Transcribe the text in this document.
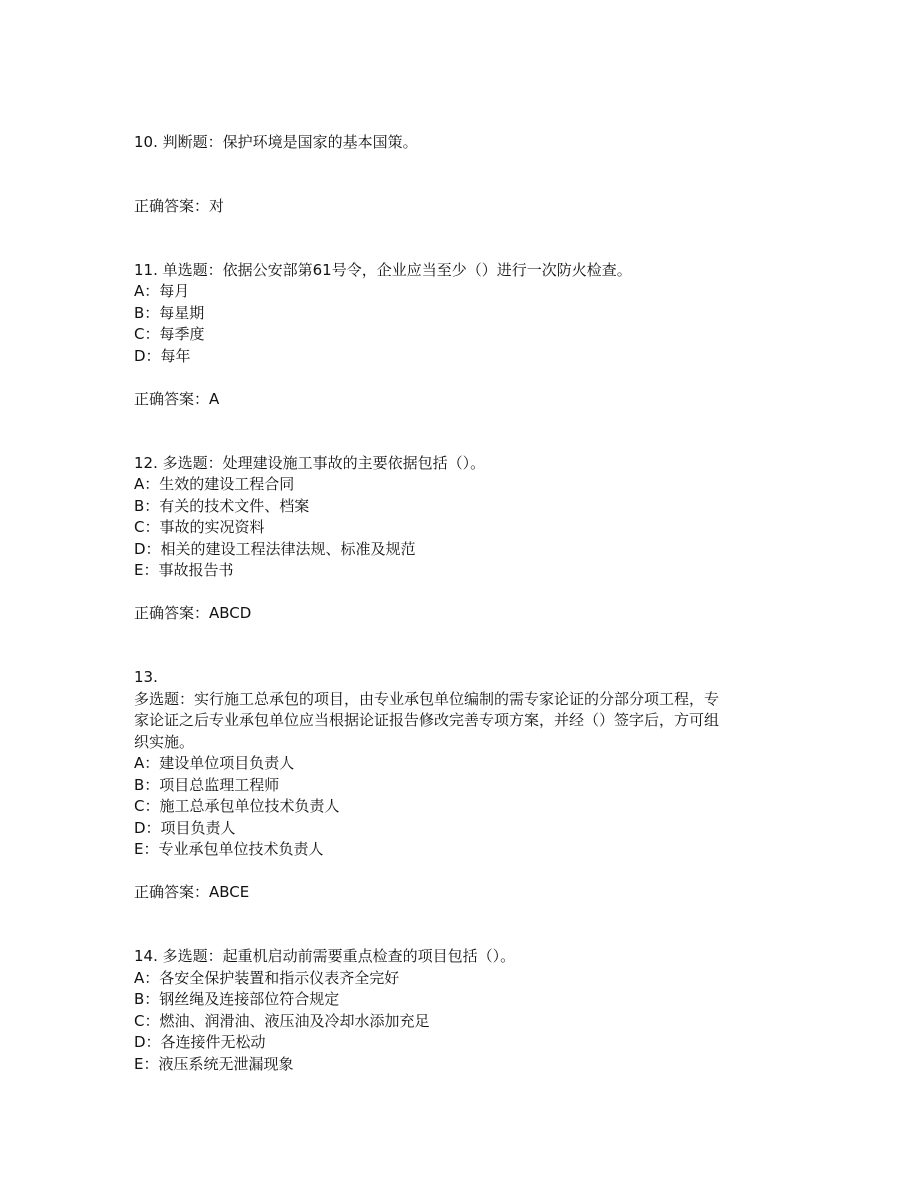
10. 判断题：保护环境是国家的基本国策。

正确答案：对

11. 单选题：依据公安部第61号令，企业应当至少（）进行一次防火检查。

A：每月

B：每星期

C：每季度

D：每年

正确答案：A

12. 多选题：处理建设施工事故的主要依据包括（）。

A：生效的建设工程合同

B：有关的技术文件、档案

C：事故的实况资料

D：相关的建设工程法律法规、标准及规范

E：事故报告书

正确答案：ABCD

13.

多选题：实行施工总承包的项目，由专业承包单位编制的需专家论证的分部分项工程，专

家论证之后专业承包单位应当根据论证报告修改完善专项方案，并经（）签字后，方可组

织实施。

A：建设单位项目负责人

B：项目总监理工程师

C：施工总承包单位技术负责人

D：项目负责人

E：专业承包单位技术负责人

正确答案：ABCE

14. 多选题：起重机启动前需要重点检查的项目包括（）。

A：各安全保护装置和指示仪表齐全完好

B：钢丝绳及连接部位符合规定

C：燃油、润滑油、液压油及冷却水添加充足

D：各连接件无松动

E：液压系统无泄漏现象
